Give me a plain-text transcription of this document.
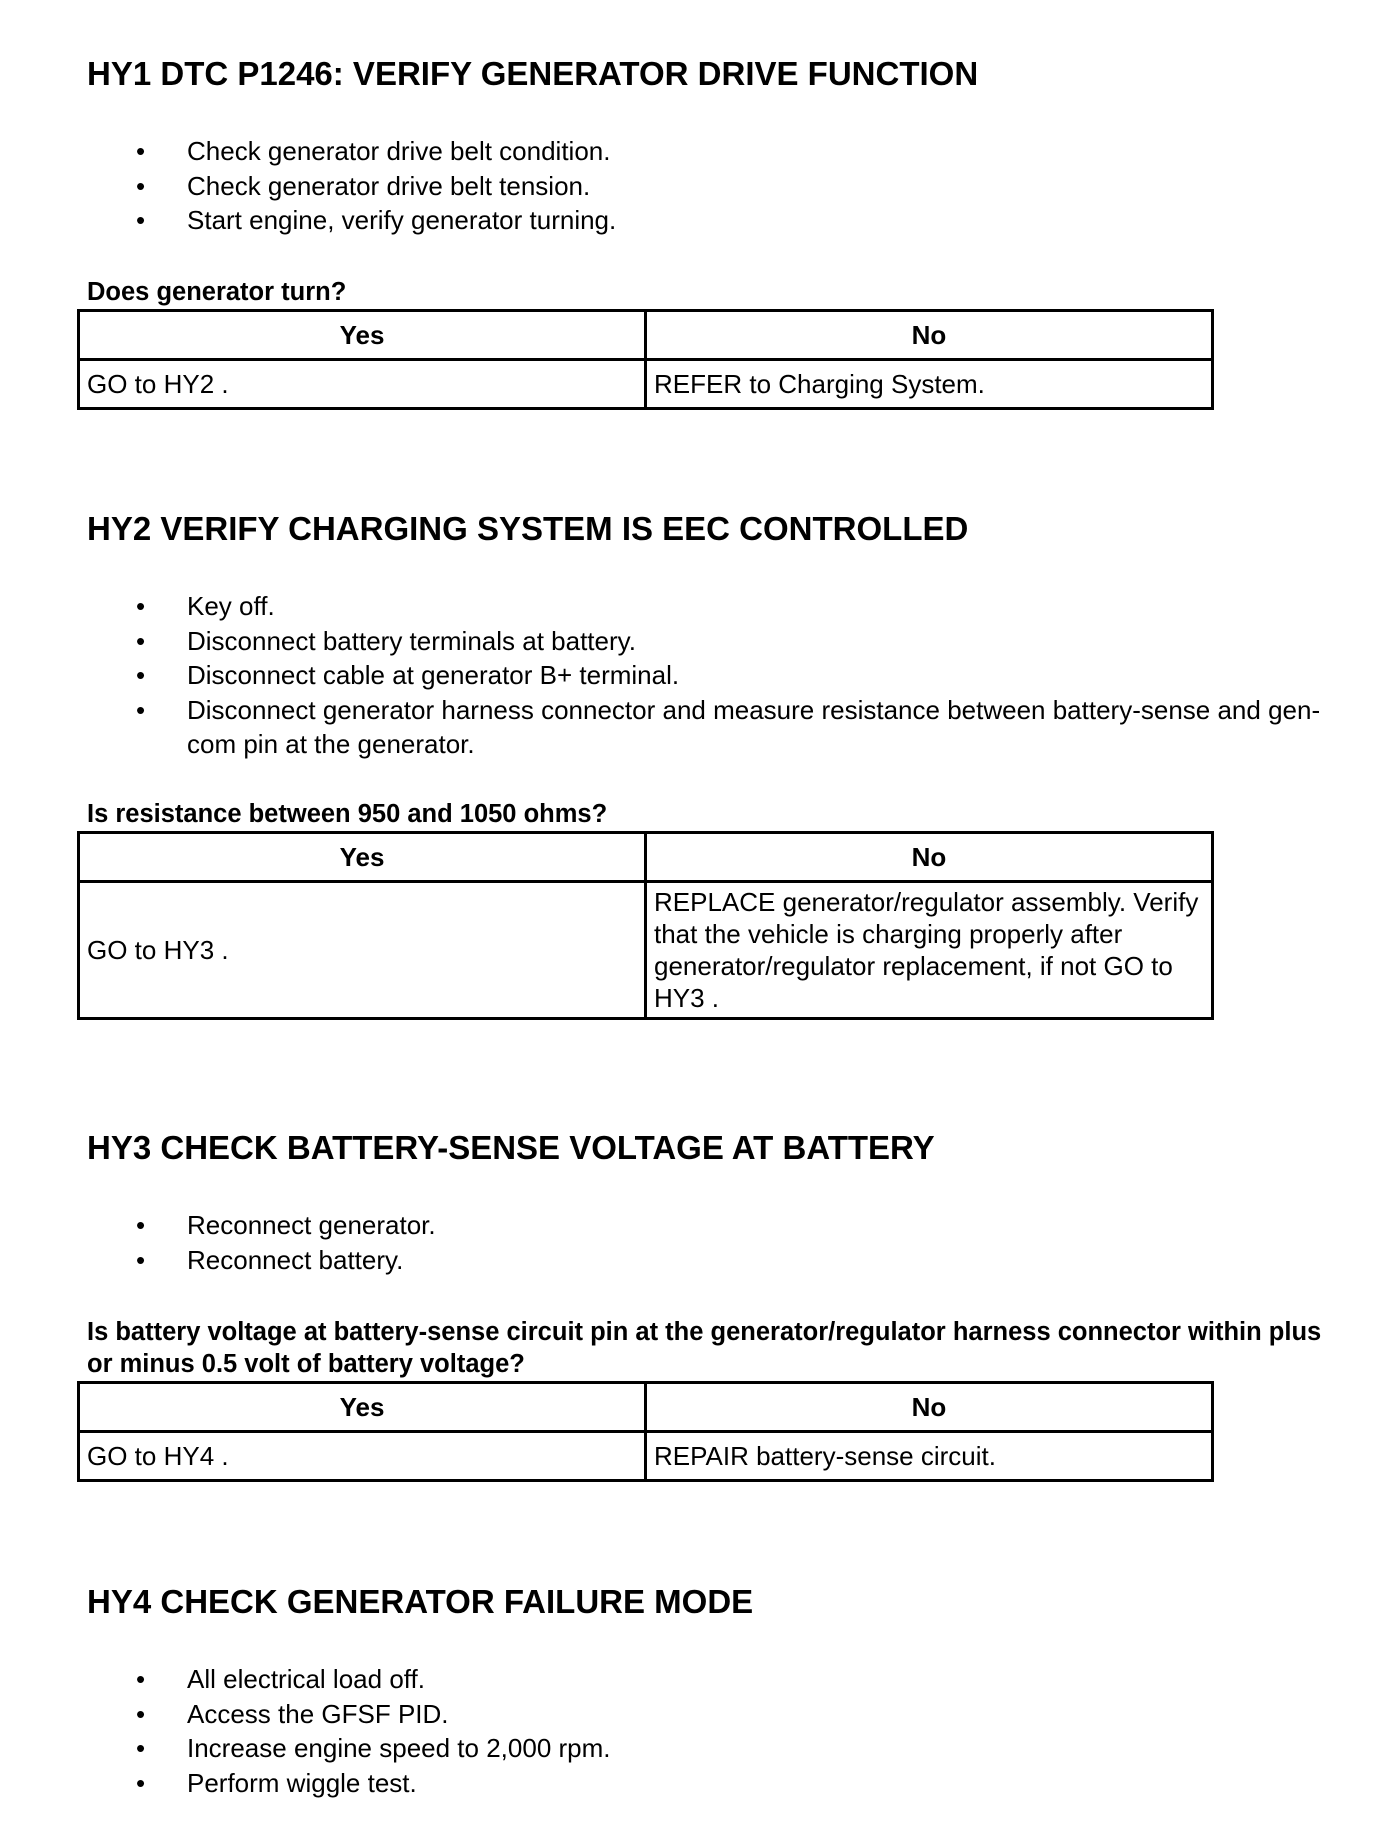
HY1 DTC P1246: VERIFY GENERATOR DRIVE FUNCTION
• Check generator drive belt condition.
• Check generator drive belt tension.
• Start engine, verify generator turning.

Does generator turn?

Yes	No
GO to HY2 .	REFER to Charging System.
HY2 VERIFY CHARGING SYSTEM IS EEC CONTROLLED
• Key off.
• Disconnect battery terminals at battery.
• Disconnect cable at generator B+ terminal.
• Disconnect generator harness connector and measure resistance between battery-sense and gen-com pin at the generator.

Is resistance between 950 and 1050 ohms?

Yes	No
GO to HY3 .	REPLACE generator/regulator assembly. Verify that the vehicle is charging properly after generator/regulator replacement, if not GO to HY3 .
HY3 CHECK BATTERY-SENSE VOLTAGE AT BATTERY
• Reconnect generator.
• Reconnect battery.

Is battery voltage at battery-sense circuit pin at the generator/regulator harness connector within plus or minus 0.5 volt of battery voltage?

Yes	No
GO to HY4 .	REPAIR battery-sense circuit.
HY4 CHECK GENERATOR FAILURE MODE
• All electrical load off.
• Access the GFSF PID.
• Increase engine speed to 2,000 rpm.
• Perform wiggle test.
